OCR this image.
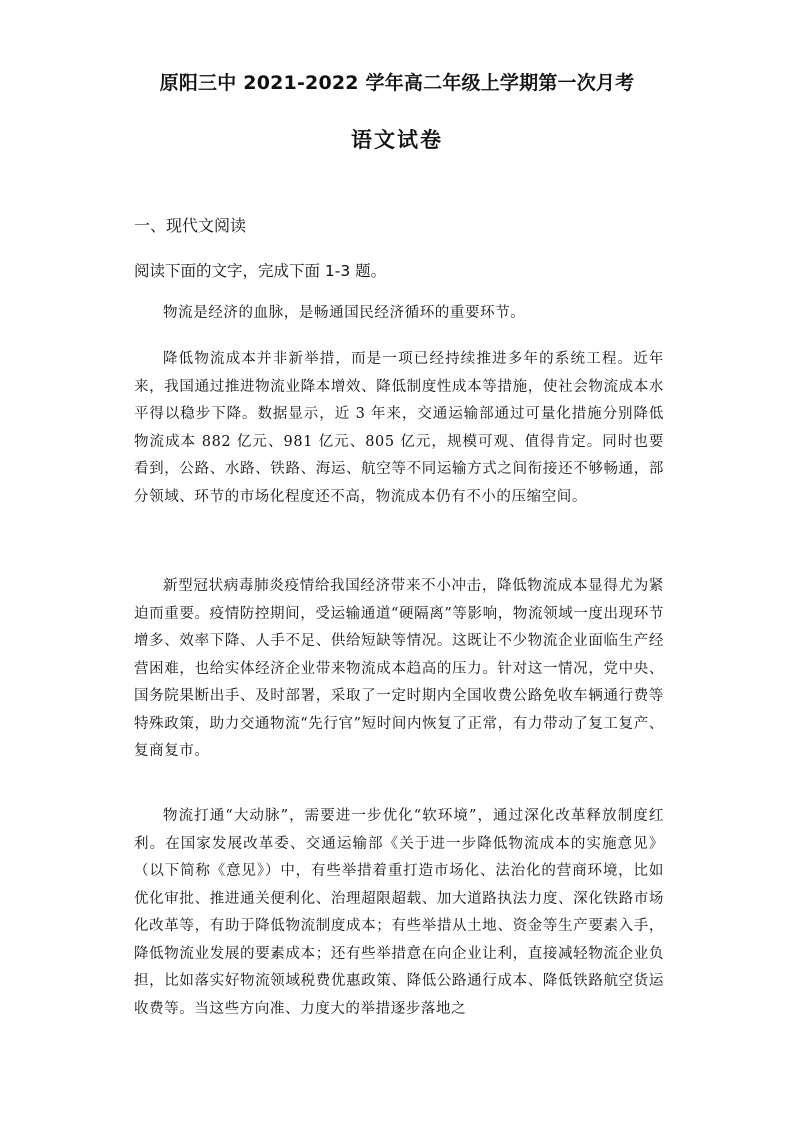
原阳三中 2021-2022 学年高二年级上学期第一次月考
语文试卷
一、现代文阅读
阅读下面的文字，完成下面 1-3 题。

物流是经济的血脉，是畅通国民经济循环的重要环节。

降低物流成本并非新举措，而是一项已经持续推进多年的系统工程。近年来，我国通过推进物流业降本增效、降低制度性成本等措施，使社会物流成本水平得以稳步下降。数据显示，近 3 年来，交通运输部通过可量化措施分别降低物流成本 882 亿元、981 亿元、805 亿元，规模可观、值得肯定。同时也要看到，公路、水路、铁路、海运、航空等不同运输方式之间衔接还不够畅通，部分领域、环节的市场化程度还不高，物流成本仍有不小的压缩空间。

新型冠状病毒肺炎疫情给我国经济带来不小冲击，降低物流成本显得尤为紧迫而重要。疫情防控期间，受运输通道“硬隔离”等影响，物流领域一度出现环节增多、效率下降、人手不足、供给短缺等情况。这既让不少物流企业面临生产经营困难，也给实体经济企业带来物流成本趋高的压力。针对这一情况，党中央、国务院果断出手、及时部署，采取了一定时期内全国收费公路免收车辆通行费等特殊政策，助力交通物流“先行官”短时间内恢复了正常，有力带动了复工复产、复商复市。

物流打通“大动脉”，需要进一步优化“软环境”，通过深化改革释放制度红利。在国家发展改革委、交通运输部《关于进一步降低物流成本的实施意见》（以下简称《意见》）中，有些举措着重打造市场化、法治化的营商环境，比如优化审批、推进通关便利化、治理超限超载、加大道路执法力度、深化铁路市场化改革等，有助于降低物流制度成本；有些举措从土地、资金等生产要素入手，降低物流业发展的要素成本；还有些举措意在向企业让利，直接减轻物流企业负担，比如落实好物流领域税费优惠政策、降低公路通行成本、降低铁路航空货运收费等。当这些方向准、力度大的举措逐步落地之
